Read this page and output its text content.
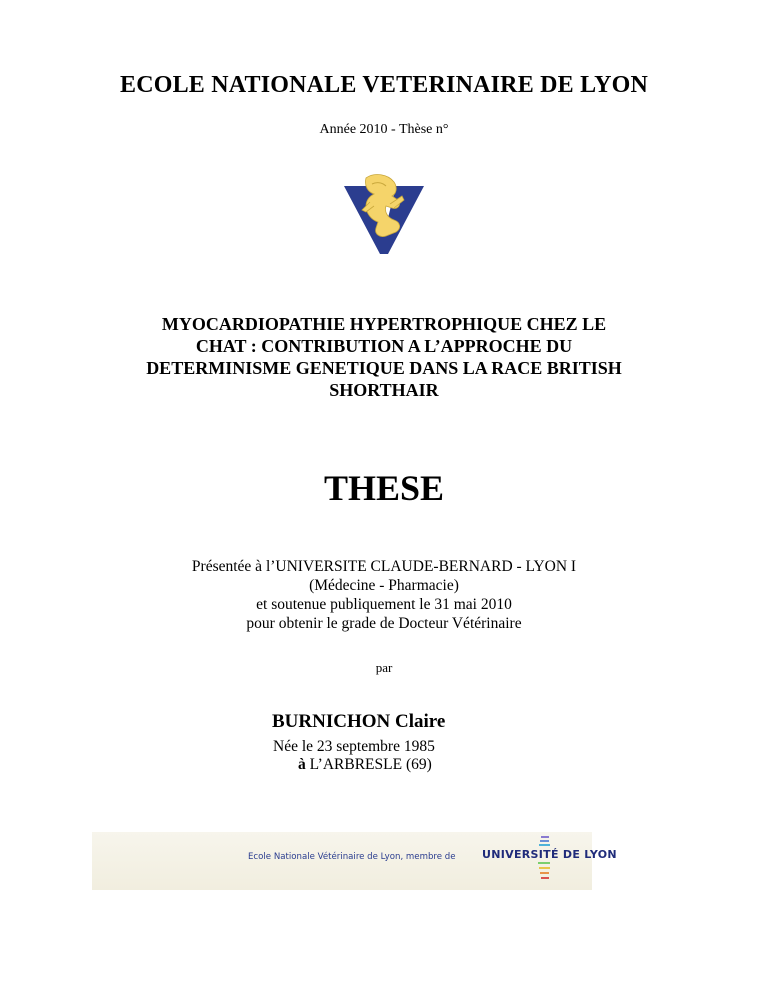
ECOLE NATIONALE VETERINAIRE DE LYON
Année 2010 - Thèse n°
MYOCARDIOPATHIE HYPERTROPHIQUE CHEZ LE
CHAT : CONTRIBUTION A L’APPROCHE DU
DETERMINISME GENETIQUE DANS LA RACE BRITISH
SHORTHAIR
THESE
Présentée à l’UNIVERSITE CLAUDE-BERNARD - LYON I
(Médecine - Pharmacie)
et soutenue publiquement le 31 mai 2010
pour obtenir le grade de Docteur Vétérinaire
par
BURNICHON Claire
Née le 23 septembre 1985
à L’ARBRESLE (69)
Ecole Nationale Vétérinaire de Lyon, membre de UNIVERSITÉ DE LYON
